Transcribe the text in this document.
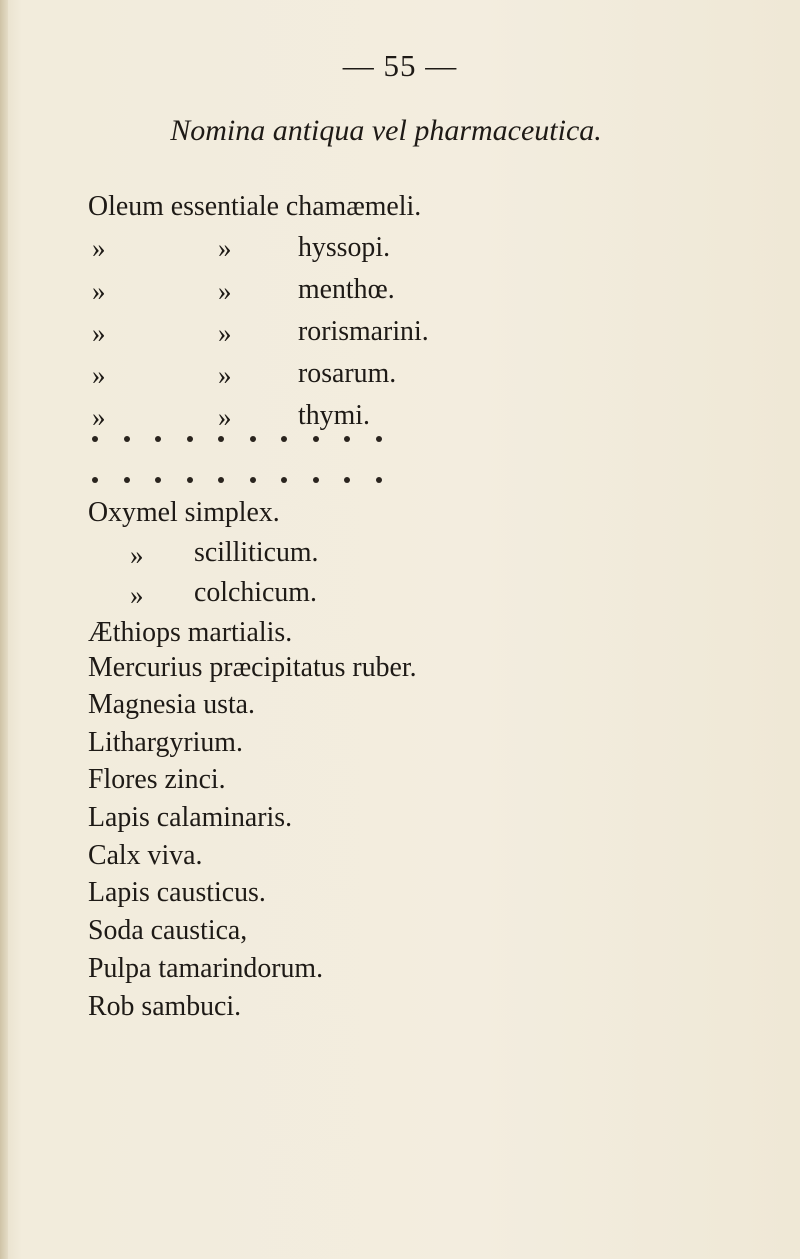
— 55 —
Nomina antiqua vel pharmaceutica.
Oleum essentiale chamæmeli.
»	» hyssopi.
»	» menthœ.
»	» rorismarini.
»	» rosarum.
»	» thymi.
Oxymel simplex.
» scilliticum.
» colchicum.
Æthiops martialis.
Mercurius præcipitatus ruber.
Magnesia usta.
Lithargyrium.
Flores zinci.
Lapis calaminaris.
Calx viva.
Lapis causticus.
Soda caustica,
Pulpa tamarindorum.
Rob sambuci.
